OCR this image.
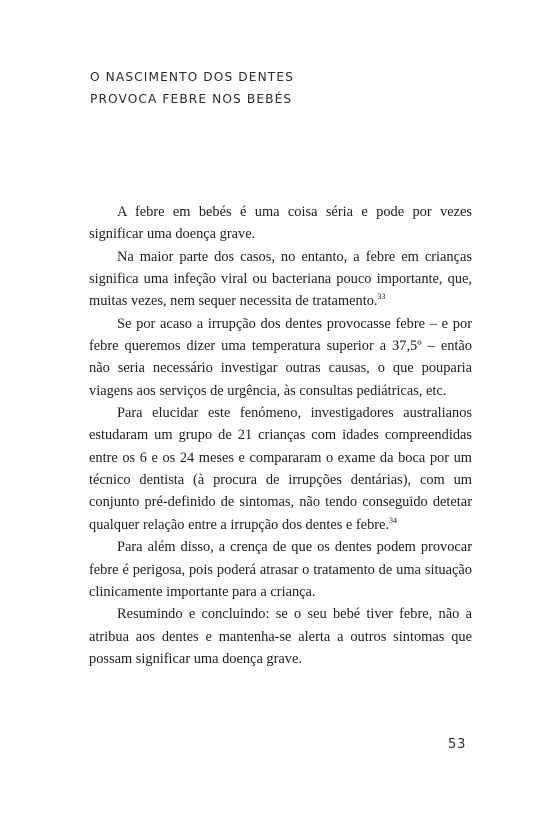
O NASCIMENTO DOS DENTES
PROVOCA FEBRE NOS BEBÉS

A febre em bebés é uma coisa séria e pode por vezes significar uma doença grave.

Na maior parte dos casos, no entanto, a febre em crianças significa uma infeção viral ou bacteriana pouco importante, que, muitas vezes, nem sequer necessita de tratamento.$^{33}$

Se por acaso a irrupção dos dentes provocasse febre – e por febre queremos dizer uma temperatura superior a 37,5º – então não seria necessário investigar outras causas, o que pouparia viagens aos serviços de urgência, às consultas pediátricas, etc.

Para elucidar este fenómeno, investigadores australianos estudaram um grupo de 21 crianças com idades compreendidas entre os 6 e os 24 meses e compararam o exame da boca por um técnico dentista (à procura de irrupções dentárias), com um conjunto pré-definido de sintomas, não tendo conseguido detetar qualquer relação entre a irrupção dos dentes e febre.$^{34}$

Para além disso, a crença de que os dentes podem provocar febre é perigosa, pois poderá atrasar o tratamento de uma situação clinicamente importante para a criança.

Resumindo e concluindo: se o seu bebé tiver febre, não a atribua aos dentes e mantenha-se alerta a outros sintomas que possam significar uma doença grave.

53
